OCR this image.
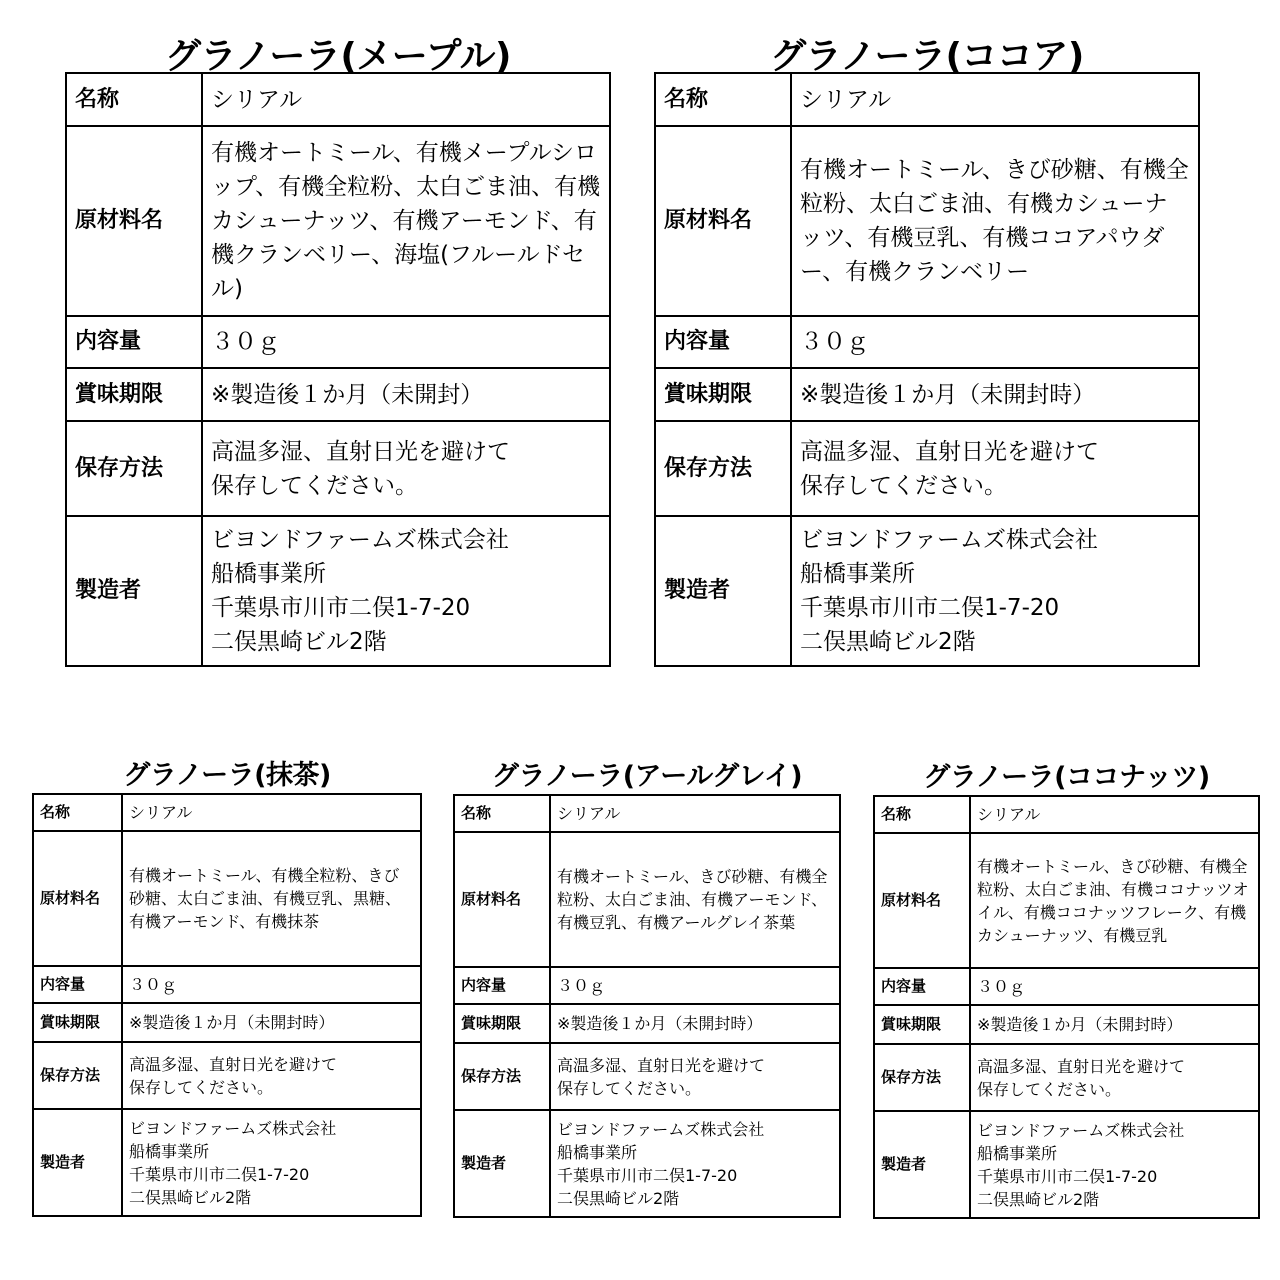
グラノーラ(メープル)
名称	シリアル
原材料名	有機オートミール、有機メープルシロップ、有機全粒粉、太白ごま油、有機カシューナッツ、有機アーモンド、有機クランベリー、海塩(フルールドセル)
内容量	３０ｇ
賞味期限	※製造後１か月（未開封）
保存方法	高温多湿、直射日光を避けて
保存してください。
製造者	ビヨンドファームズ株式会社
船橋事業所
千葉県市川市二俣1-7-20
二俣黒崎ビル2階
グラノーラ(ココア)
名称	シリアル
原材料名	有機オートミール、きび砂糖、有機全粒粉、太白ごま油、有機カシューナッツ、有機豆乳、有機ココアパウダー、有機クランベリー
内容量	３０ｇ
賞味期限	※製造後１か月（未開封時）
保存方法	高温多湿、直射日光を避けて
保存してください。
製造者	ビヨンドファームズ株式会社
船橋事業所
千葉県市川市二俣1-7-20
二俣黒崎ビル2階
グラノーラ(抹茶)
名称	シリアル
原材料名	有機オートミール、有機全粒粉、きび砂糖、太白ごま油、有機豆乳、黒糖、有機アーモンド、有機抹茶
内容量	３０ｇ
賞味期限	※製造後１か月（未開封時）
保存方法	高温多湿、直射日光を避けて
保存してください。
製造者	ビヨンドファームズ株式会社
船橋事業所
千葉県市川市二俣1-7-20
二俣黒崎ビル2階
グラノーラ(アールグレイ)
名称	シリアル
原材料名	有機オートミール、きび砂糖、有機全粒粉、太白ごま油、有機アーモンド、有機豆乳、有機アールグレイ茶葉
内容量	３０ｇ
賞味期限	※製造後１か月（未開封時）
保存方法	高温多湿、直射日光を避けて
保存してください。
製造者	ビヨンドファームズ株式会社
船橋事業所
千葉県市川市二俣1-7-20
二俣黒崎ビル2階
グラノーラ(ココナッツ)
名称	シリアル
原材料名	有機オートミール、きび砂糖、有機全粒粉、太白ごま油、有機ココナッツオイル、有機ココナッツフレーク、有機カシューナッツ、有機豆乳
内容量	３０ｇ
賞味期限	※製造後１か月（未開封時）
保存方法	高温多湿、直射日光を避けて
保存してください。
製造者	ビヨンドファームズ株式会社
船橋事業所
千葉県市川市二俣1-7-20
二俣黒崎ビル2階
